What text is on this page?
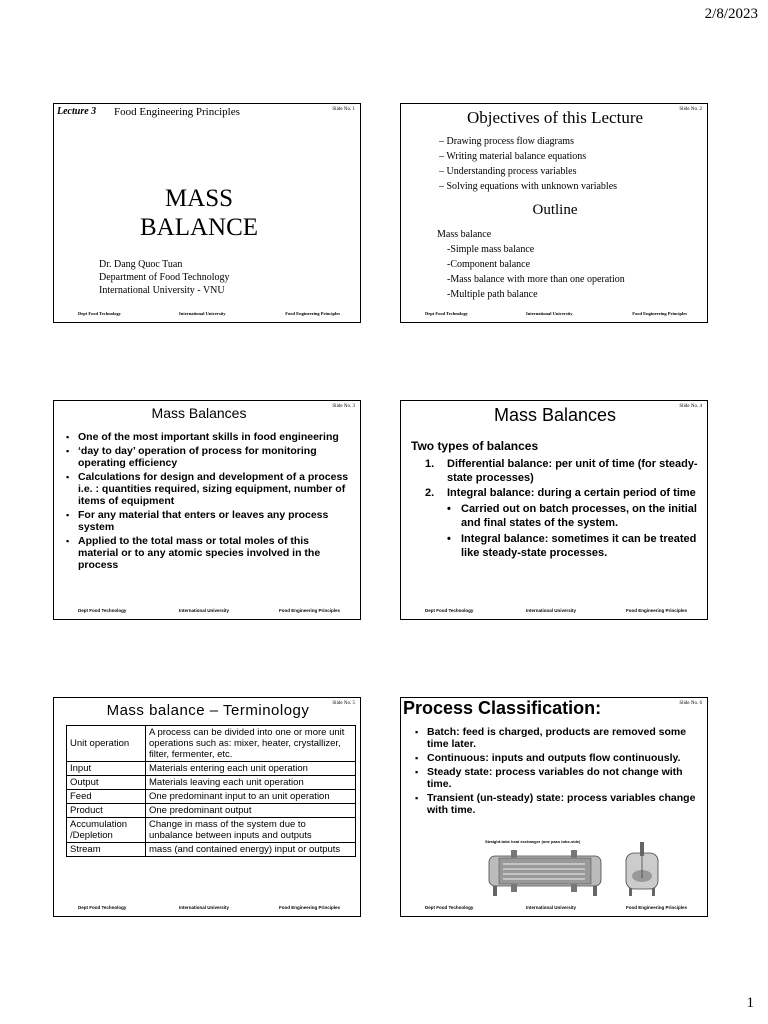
2/8/2023
Slide No. 1
Lecture 3 Food Engineering Principles
MASS
BALANCE
Dr. Dang Quoc Tuan
Department of Food Technology
International University - VNU
Dept Food Technology	International University	Food Engineering Principles
Slide No. 2
Objectives of this Lecture
– Drawing process flow diagrams
– Writing material balance equations
– Understanding process variables
– Solving equations with unknown variables
Outline
Mass balance
-Simple mass balance
-Component balance
-Mass balance with more than one operation
-Multiple path balance
Dept Food Technology	International University	Food Engineering Principles
Slide No. 3
Mass Balances
▪ One of the most important skills in food engineering
▪ ‘day to day’ operation of process for monitoring operating efficiency
▪ Calculations for design and development of a process i.e. : quantities required, sizing equipment, number of items of equipment
▪ For any material that enters or leaves any process system
▪ Applied to the total mass or total moles of this material or to any atomic species involved in the process
Dept Food Technology	International University	Food Engineering Principles
Slide No. 4
Mass Balances
Two types of balances
1. Differential balance: per unit of time (for steady-state processes)
2. Integral balance: during a certain period of time
• Carried out on batch processes, on the initial and final states of the system.
• Integral balance: sometimes it can be treated like steady-state processes.
Dept Food Technology	International University	Food Engineering Principles
Slide No. 5
Mass balance – Terminology
Unit operation	A process can be divided into one or more unit operations such as: mixer, heater, crystallizer, filter, fermenter, etc.
Input	Materials entering each unit operation
Output	Materials leaving each unit operation
Feed	One predominant input to an unit operation
Product	One predominant output
Accumulation /Depletion	Change in mass of the system due to unbalance between inputs and outputs
Stream	mass (and contained energy) input or outputs
Dept Food Technology	International University	Food Engineering Principles
Slide No. 6
Process Classification:
▪ Batch: feed is charged, products are removed some time later.
▪ Continuous: inputs and outputs flow continuously.
▪ Steady state: process variables do not change with time.
▪ Transient (un-steady) state: process variables change with time.
Straight-tube heat exchanger (one pass tube-side)
Dept Food Technology	International University	Food Engineering Principles
1
